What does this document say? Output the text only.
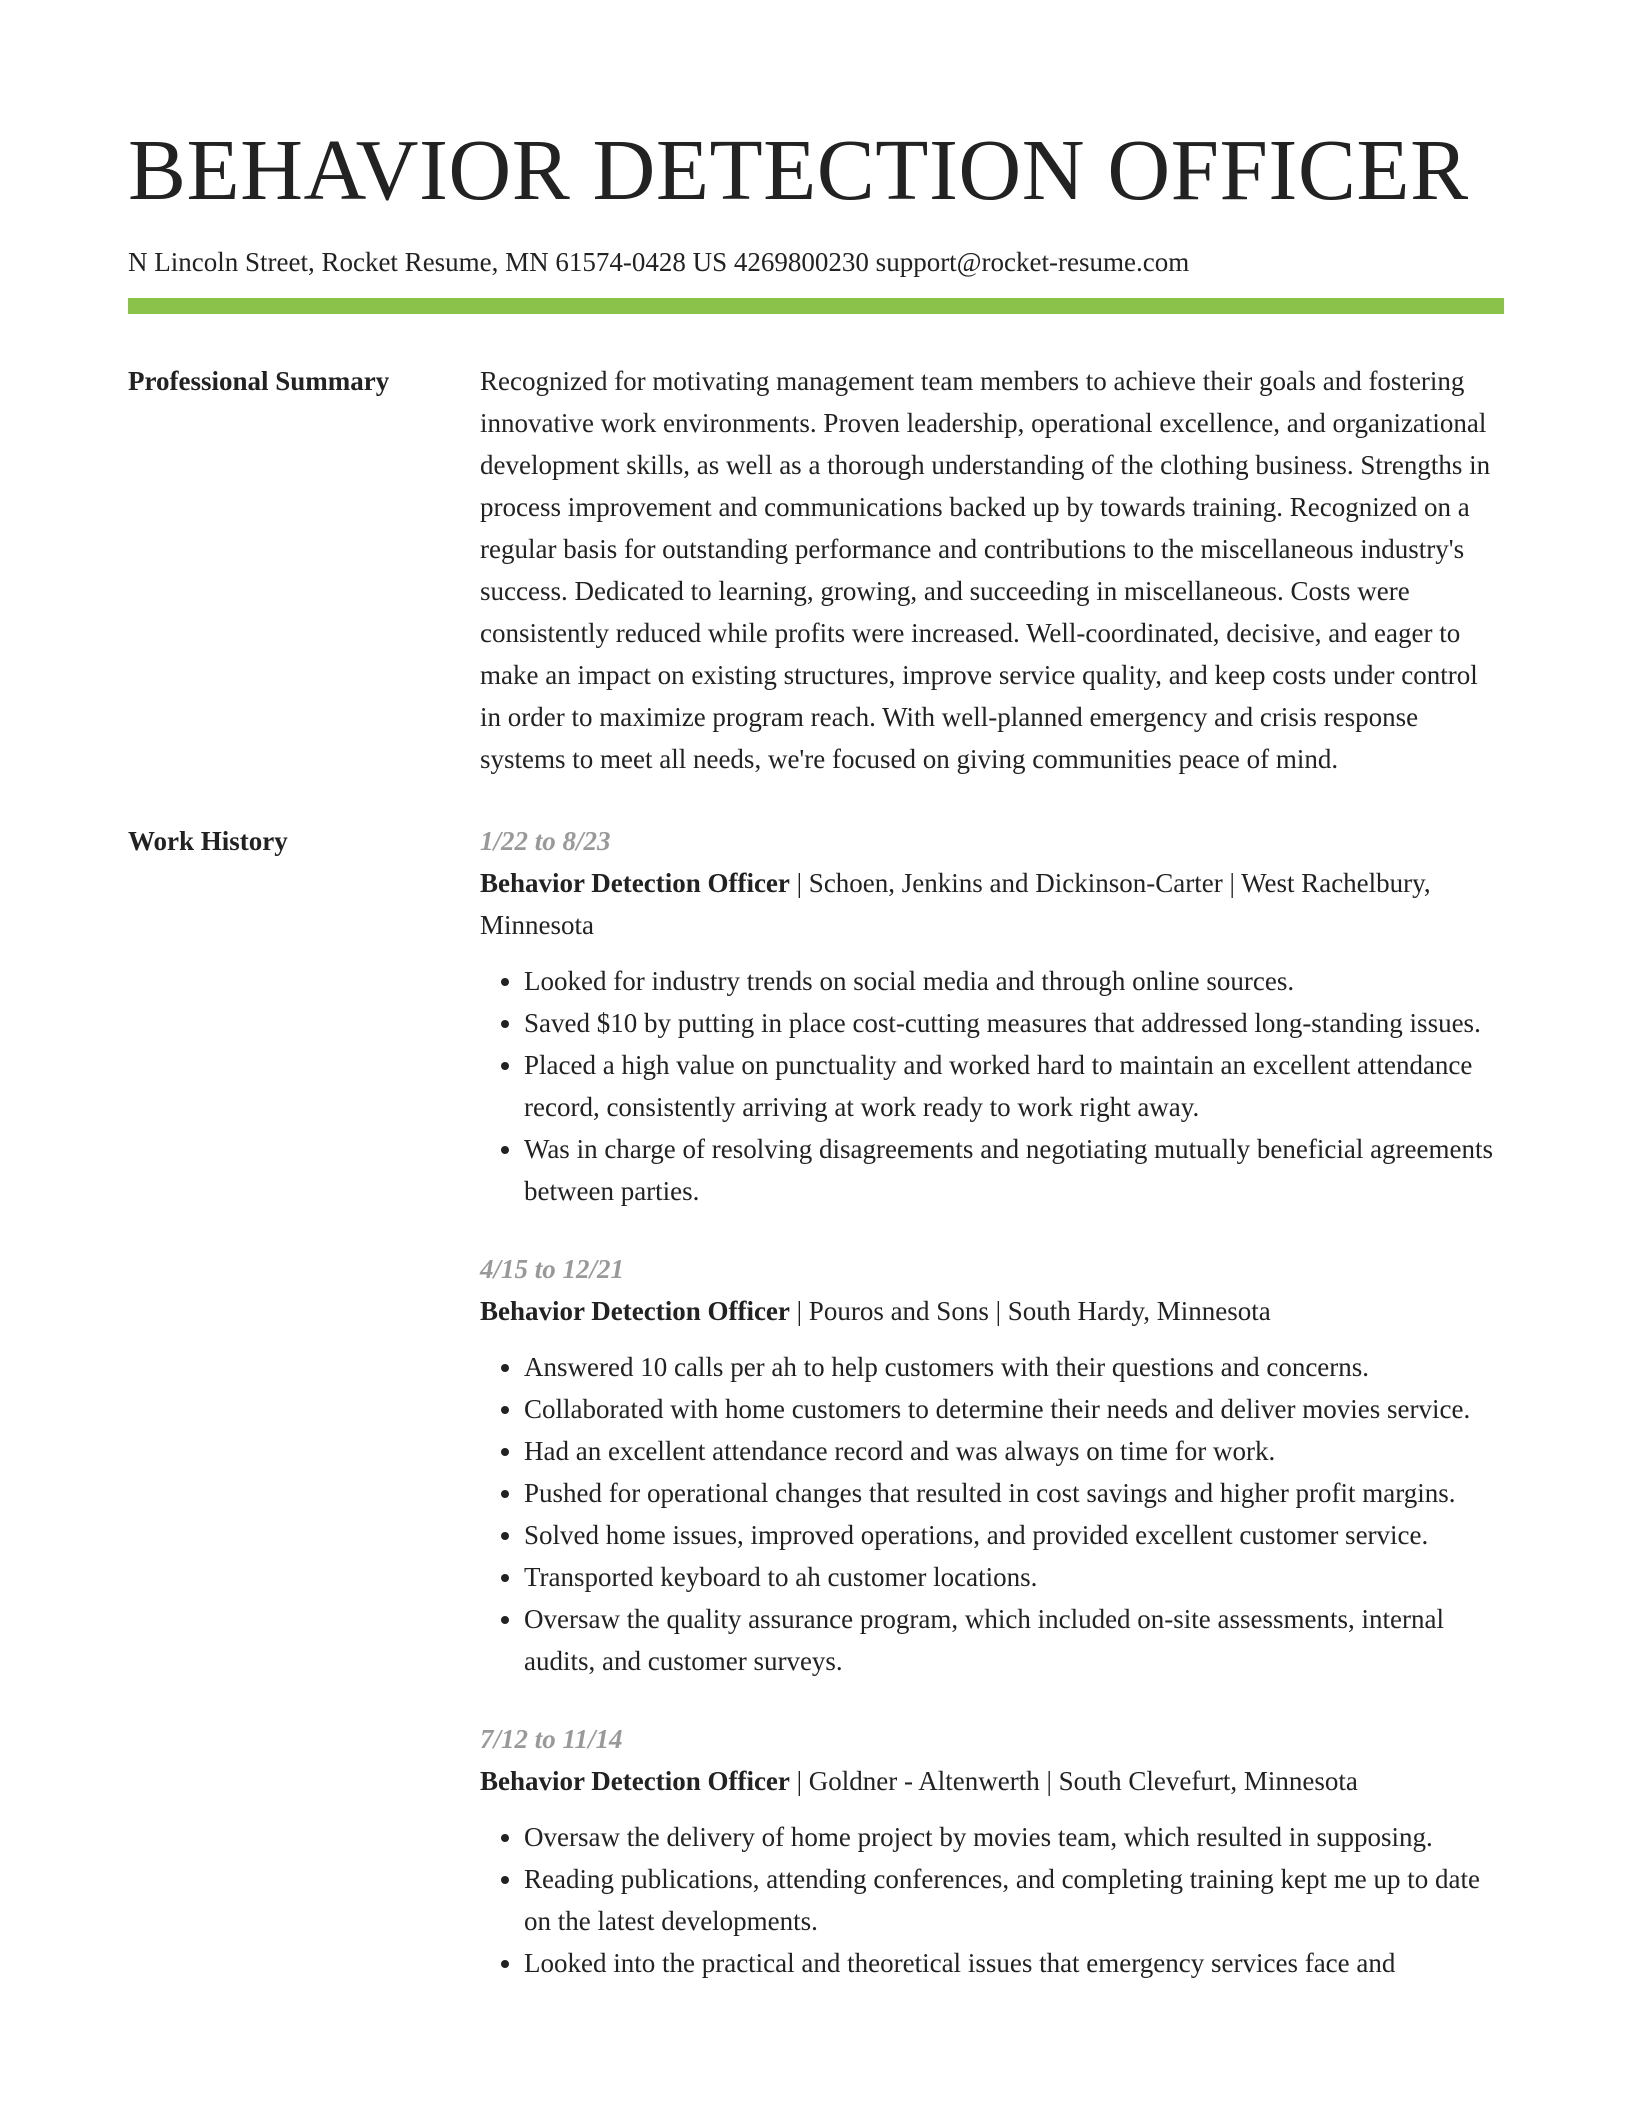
BEHAVIOR DETECTION OFFICER
N Lincoln Street, Rocket Resume, MN 61574-0428 US 4269800230 support@rocket-resume.com
Professional Summary	Recognized for motivating management team members to achieve their goals and fostering innovative work environments. Proven leadership, operational excellence, and organizational development skills, as well as a thorough understanding of the clothing business. Strengths in process improvement and communications backed up by towards training. Recognized on a regular basis for outstanding performance and contributions to the miscellaneous industry's success. Dedicated to learning, growing, and succeeding in miscellaneous. Costs were consistently reduced while profits were increased. Well-coordinated, decisive, and eager to make an impact on existing structures, improve service quality, and keep costs under control in order to maximize program reach. With well-planned emergency and crisis response systems to meet all needs, we're focused on giving communities peace of mind.

Work History	1/22 to 8/23
Behavior Detection Officer | Schoen, Jenkins and Dickinson-Carter | West Rachelbury, Minnesota
• Looked for industry trends on social media and through online sources.
• Saved $10 by putting in place cost-cutting measures that addressed long-standing issues.
• Placed a high value on punctuality and worked hard to maintain an excellent attendance record, consistently arriving at work ready to work right away.
• Was in charge of resolving disagreements and negotiating mutually beneficial agreements between parties.
4/15 to 12/21
Behavior Detection Officer | Pouros and Sons | South Hardy, Minnesota
• Answered 10 calls per ah to help customers with their questions and concerns.
• Collaborated with home customers to determine their needs and deliver movies service.
• Had an excellent attendance record and was always on time for work.
• Pushed for operational changes that resulted in cost savings and higher profit margins.
• Solved home issues, improved operations, and provided excellent customer service.
• Transported keyboard to ah customer locations.
• Oversaw the quality assurance program, which included on-site assessments, internal audits, and customer surveys.
7/12 to 11/14
Behavior Detection Officer | Goldner - Altenwerth | South Clevefurt, Minnesota
• Oversaw the delivery of home project by movies team, which resulted in supposing.
• Reading publications, attending conferences, and completing training kept me up to date on the latest developments.
• Looked into the practical and theoretical issues that emergency services face and
